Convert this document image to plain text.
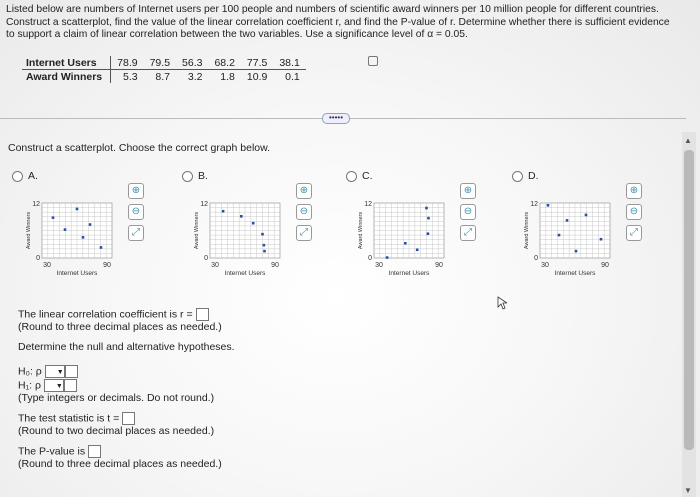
Listed below are numbers of Internet users per 100 people and numbers of scientific award winners per 10 million people for different countries.
Construct a scatterplot, find the value of the linear correlation coefficient r, and find the P-value of r. Determine whether there is sufficient evidence
to support a claim of linear correlation between the two variables. Use a significance level of α = 0.05.
Internet Users	78.9	79.5	56.3	68.2	77.5	38.1
Award Winners	5.3	8.7	3.2	1.8	10.9	0.1
•••••
Construct a scatterplot. Choose the correct graph below.
A.	B.	C.	D.
12
0
30	90
Internet Users
Award Winners
⊕
⊖
⤢
12
0
30	90
Internet Users
Award Winners
⊕
⊖
⤢
12
0
30	90
Internet Users
Award Winners
⊕
⊖
⤢
12
0
30	90
Internet Users
Award Winners
⊕
⊖
⤢
The linear correlation coefficient is r =
(Round to three decimal places as needed.)
Determine the null and alternative hypotheses.
H₀: ρ ▼
H₁: ρ ▼
(Type integers or decimals. Do not round.)
The test statistic is t =
(Round to two decimal places as needed.)
The P-value is
(Round to three decimal places as needed.)
▲
▼
